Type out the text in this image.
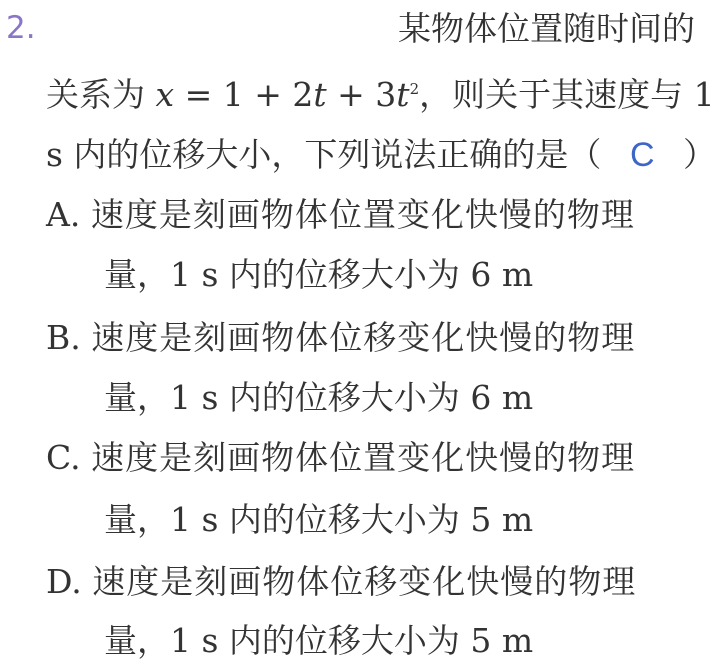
2.	某物体位置随时间的
关系为 $x = 1 + 2t + 3t^2$，则关于其速度与 1
s 内的位移大小，下列说法正确的是（ C ）
A. 速度是刻画物体位置变化快慢的物理
量，1 s 内的位移大小为 6 m
B. 速度是刻画物体位移变化快慢的物理
量，1 s 内的位移大小为 6 m
C. 速度是刻画物体位置变化快慢的物理
量，1 s 内的位移大小为 5 m
D. 速度是刻画物体位移变化快慢的物理
量，1 s 内的位移大小为 5 m
